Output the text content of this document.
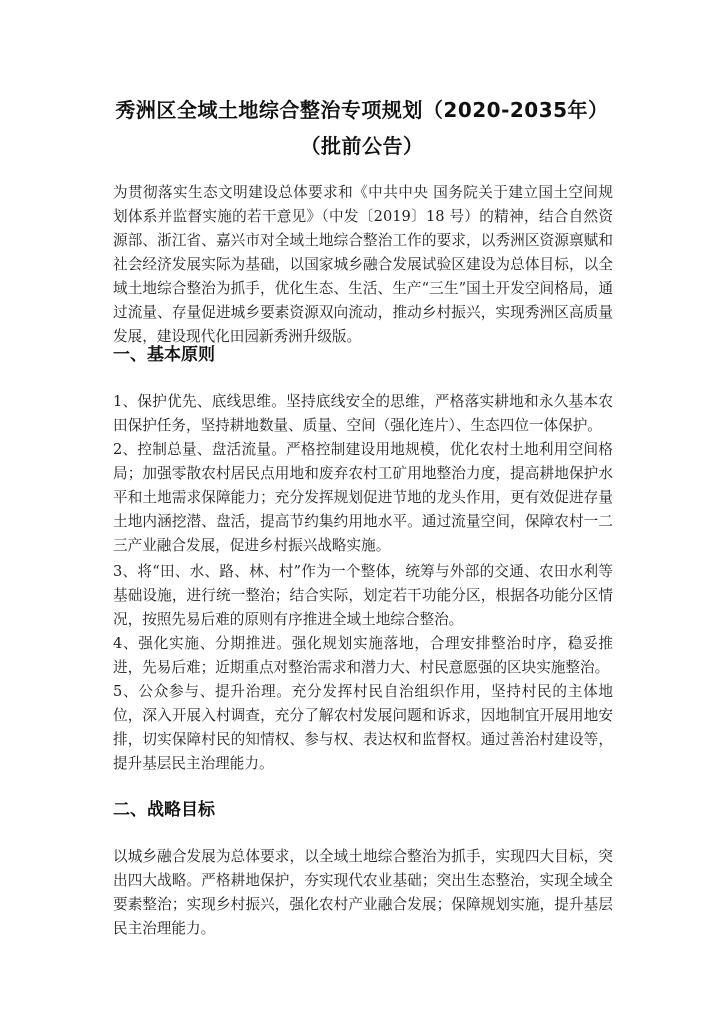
秀洲区全域土地综合整治专项规划（2020-2035年）
（批前公告）

为贯彻落实生态文明建设总体要求和《中共中央 国务院关于建立国土空间规划体系并监督实施的若干意见》（中发〔2019〕18 号）的精神，结合自然资源部、浙江省、嘉兴市对全域土地综合整治工作的要求，以秀洲区资源禀赋和社会经济发展实际为基础，以国家城乡融合发展试验区建设为总体目标，以全域土地综合整治为抓手，优化生态、生活、生产“三生”国土开发空间格局，通过流量、存量促进城乡要素资源双向流动，推动乡村振兴，实现秀洲区高质量发展，建设现代化田园新秀洲升级版。

一、基本原则

1、保护优先、底线思维。坚持底线安全的思维，严格落实耕地和永久基本农田保护任务，坚持耕地数量、质量、空间（强化连片）、生态四位一体保护。

2、控制总量、盘活流量。严格控制建设用地规模，优化农村土地利用空间格局；加强零散农村居民点用地和废弃农村工矿用地整治力度，提高耕地保护水平和土地需求保障能力；充分发挥规划促进节地的龙头作用，更有效促进存量土地内涵挖潜、盘活，提高节约集约用地水平。通过流量空间，保障农村一二三产业融合发展，促进乡村振兴战略实施。

3、将“田、水、路、林、村”作为一个整体，统筹与外部的交通、农田水利等基础设施，进行统一整治；结合实际，划定若干功能分区，根据各功能分区情况，按照先易后难的原则有序推进全域土地综合整治。

4、强化实施、分期推进。强化规划实施落地，合理安排整治时序，稳妥推进，先易后难；近期重点对整治需求和潜力大、村民意愿强的区块实施整治。

5、公众参与、提升治理。充分发挥村民自治组织作用，坚持村民的主体地位，深入开展入村调查，充分了解农村发展问题和诉求，因地制宜开展用地安排，切实保障村民的知情权、参与权、表达权和监督权。通过善治村建设等，提升基层民主治理能力。

二、战略目标

以城乡融合发展为总体要求，以全域土地综合整治为抓手，实现四大目标，突出四大战略。严格耕地保护，夯实现代农业基础；突出生态整治，实现全域全要素整治；实现乡村振兴，强化农村产业融合发展；保障规划实施，提升基层民主治理能力。
